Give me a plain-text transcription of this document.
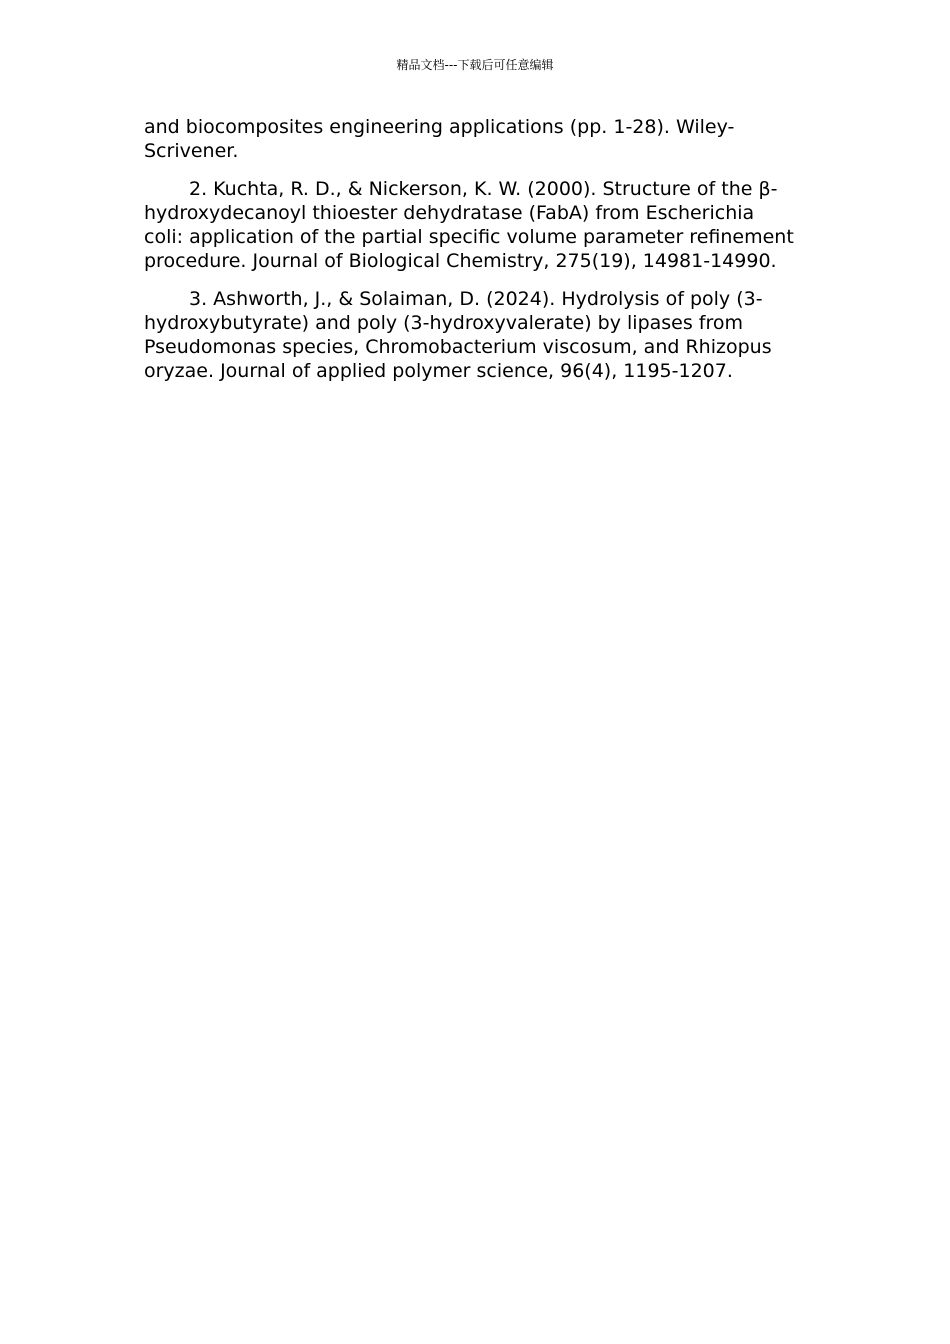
精品文档---下载后可任意编辑

and biocomposites engineering applications (pp. 1-28). Wiley-Scrivener.

2. Kuchta, R. D., & Nickerson, K. W. (2000). Structure of the β-hydroxydecanoyl thioester dehydratase (FabA) from Escherichia coli: application of the partial specific volume parameter refinement procedure. Journal of Biological Chemistry, 275(19), 14981-14990.

3. Ashworth, J., & Solaiman, D. (2024). Hydrolysis of poly (3-hydroxybutyrate) and poly (3-hydroxyvalerate) by lipases from Pseudomonas species, Chromobacterium viscosum, and Rhizopus oryzae. Journal of applied polymer science, 96(4), 1195-1207.
